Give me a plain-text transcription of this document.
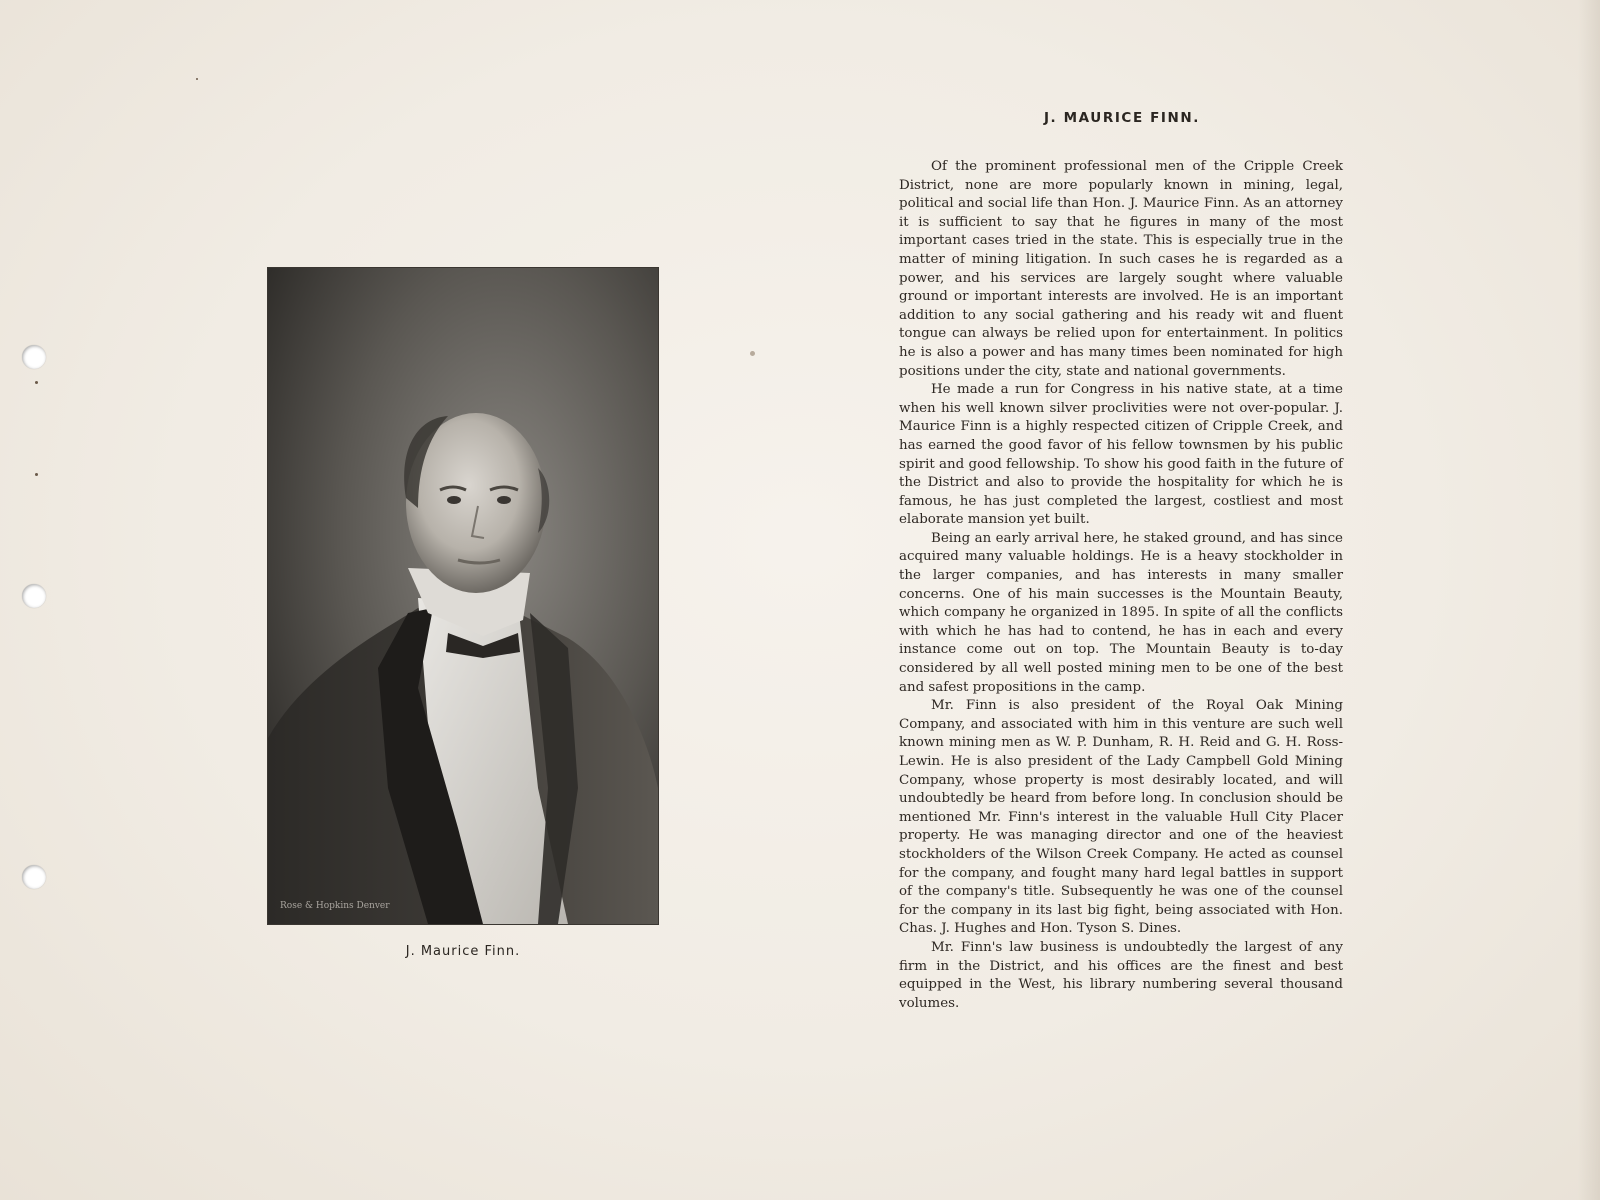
Rose & Hopkins Denver
J. Maurice Finn.
J. MAURICE FINN.

Of the prominent professional men of the Cripple Creek District, none are more popularly known in mining, legal, political and social life than Hon. J. Maurice Finn. As an attorney it is sufficient to say that he figures in many of the most important cases tried in the state. This is especially true in the matter of mining litigation. In such cases he is regarded as a power, and his services are largely sought where valuable ground or important interests are involved. He is an important addition to any social gathering and his ready wit and fluent tongue can always be relied upon for entertainment. In politics he is also a power and has many times been nominated for high positions under the city, state and national governments.

He made a run for Congress in his native state, at a time when his well known silver proclivities were not over-popular. J. Maurice Finn is a highly respected citizen of Cripple Creek, and has earned the good favor of his fellow townsmen by his public spirit and good fellowship. To show his good faith in the future of the District and also to provide the hospitality for which he is famous, he has just completed the largest, costliest and most elaborate mansion yet built.

Being an early arrival here, he staked ground, and has since acquired many valuable holdings. He is a heavy stockholder in the larger companies, and has interests in many smaller concerns. One of his main successes is the Mountain Beauty, which company he organized in 1895. In spite of all the conflicts with which he has had to contend, he has in each and every instance come out on top. The Mountain Beauty is to-day considered by all well posted mining men to be one of the best and safest propositions in the camp.

Mr. Finn is also president of the Royal Oak Mining Company, and associated with him in this venture are such well known mining men as W. P. Dunham, R. H. Reid and G. H. Ross-Lewin. He is also president of the Lady Campbell Gold Mining Company, whose property is most desirably located, and will undoubtedly be heard from before long. In conclusion should be mentioned Mr. Finn's interest in the valuable Hull City Placer property. He was managing director and one of the heaviest stockholders of the Wilson Creek Company. He acted as counsel for the company, and fought many hard legal battles in support of the company's title. Subsequently he was one of the counsel for the company in its last big fight, being associated with Hon. Chas. J. Hughes and Hon. Tyson S. Dines.

Mr. Finn's law business is undoubtedly the largest of any firm in the District, and his offices are the finest and best equipped in the West, his library numbering several thousand volumes.
